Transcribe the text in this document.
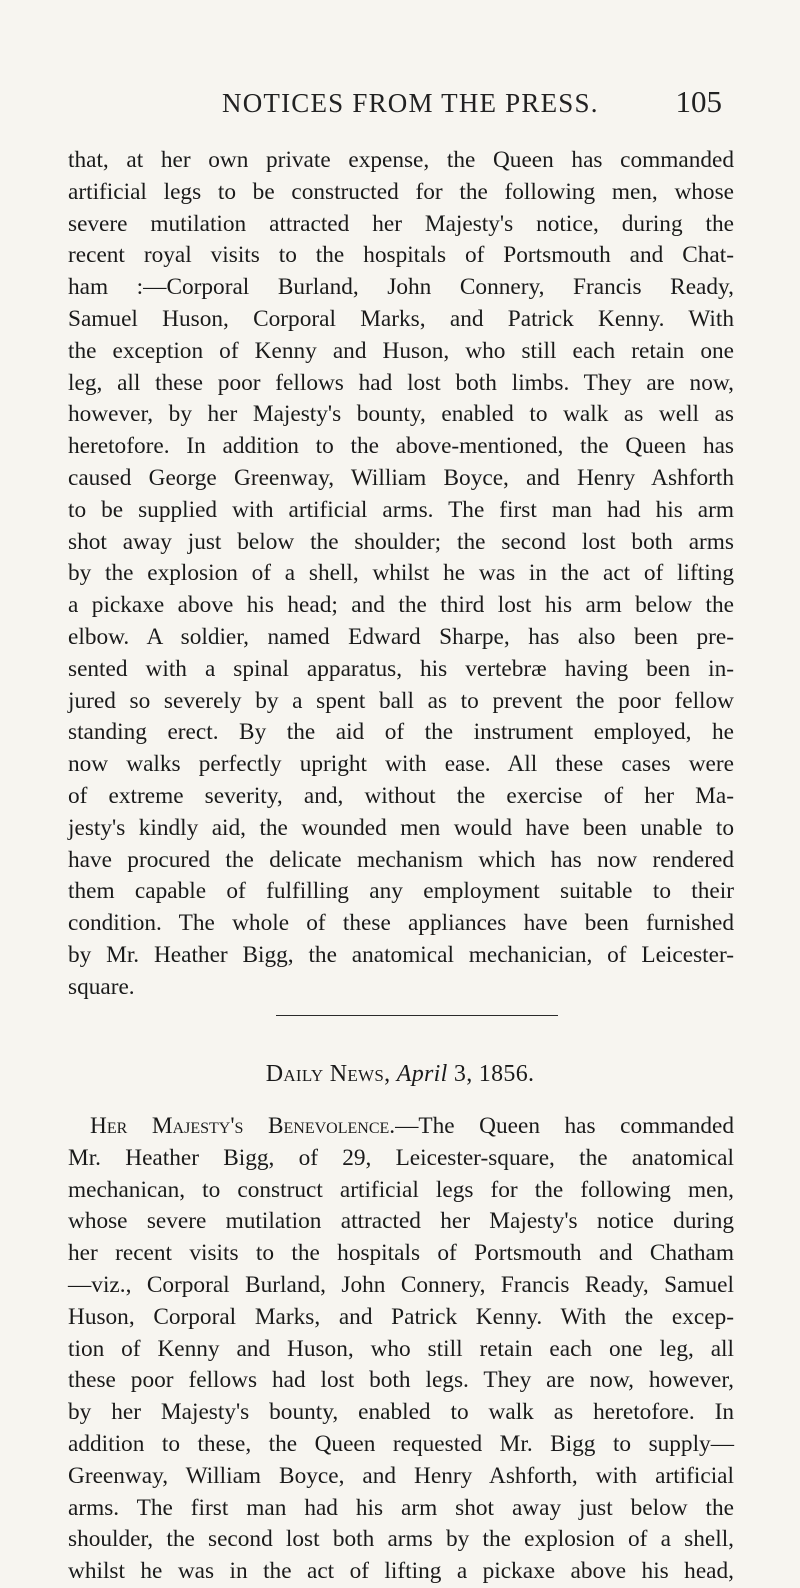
NOTICES FROM THE PRESS. 105
that, at her own private expense, the Queen has commanded
artificial legs to be constructed for the following men, whose
severe mutilation attracted her Majesty's notice, during the
recent royal visits to the hospitals of Portsmouth and Chat-
ham :—Corporal Burland, John Connery, Francis Ready,
Samuel Huson, Corporal Marks, and Patrick Kenny. With
the exception of Kenny and Huson, who still each retain one
leg, all these poor fellows had lost both limbs. They are now,
however, by her Majesty's bounty, enabled to walk as well as
heretofore. In addition to the above-mentioned, the Queen has
caused George Greenway, William Boyce, and Henry Ashforth
to be supplied with artificial arms. The first man had his arm
shot away just below the shoulder; the second lost both arms
by the explosion of a shell, whilst he was in the act of lifting
a pickaxe above his head; and the third lost his arm below the
elbow. A soldier, named Edward Sharpe, has also been pre-
sented with a spinal apparatus, his vertebræ having been in-
jured so severely by a spent ball as to prevent the poor fellow
standing erect. By the aid of the instrument employed, he
now walks perfectly upright with ease. All these cases were
of extreme severity, and, without the exercise of her Ma-
jesty's kindly aid, the wounded men would have been unable to
have procured the delicate mechanism which has now rendered
them capable of fulfilling any employment suitable to their
condition. The whole of these appliances have been furnished
by Mr. Heather Bigg, the anatomical mechanician, of Leicester-
square.
Daily News, April 3, 1856.
Her Majesty's Benevolence.—The Queen has commanded
Mr. Heather Bigg, of 29, Leicester-square, the anatomical
mechanican, to construct artificial legs for the following men,
whose severe mutilation attracted her Majesty's notice during
her recent visits to the hospitals of Portsmouth and Chatham
—viz., Corporal Burland, John Connery, Francis Ready, Samuel
Huson, Corporal Marks, and Patrick Kenny. With the excep-
tion of Kenny and Huson, who still retain each one leg, all
these poor fellows had lost both legs. They are now, however,
by her Majesty's bounty, enabled to walk as heretofore. In
addition to these, the Queen requested Mr. Bigg to supply—
Greenway, William Boyce, and Henry Ashforth, with artificial
arms. The first man had his arm shot away just below the
shoulder, the second lost both arms by the explosion of a shell,
whilst he was in the act of lifting a pickaxe above his head,
